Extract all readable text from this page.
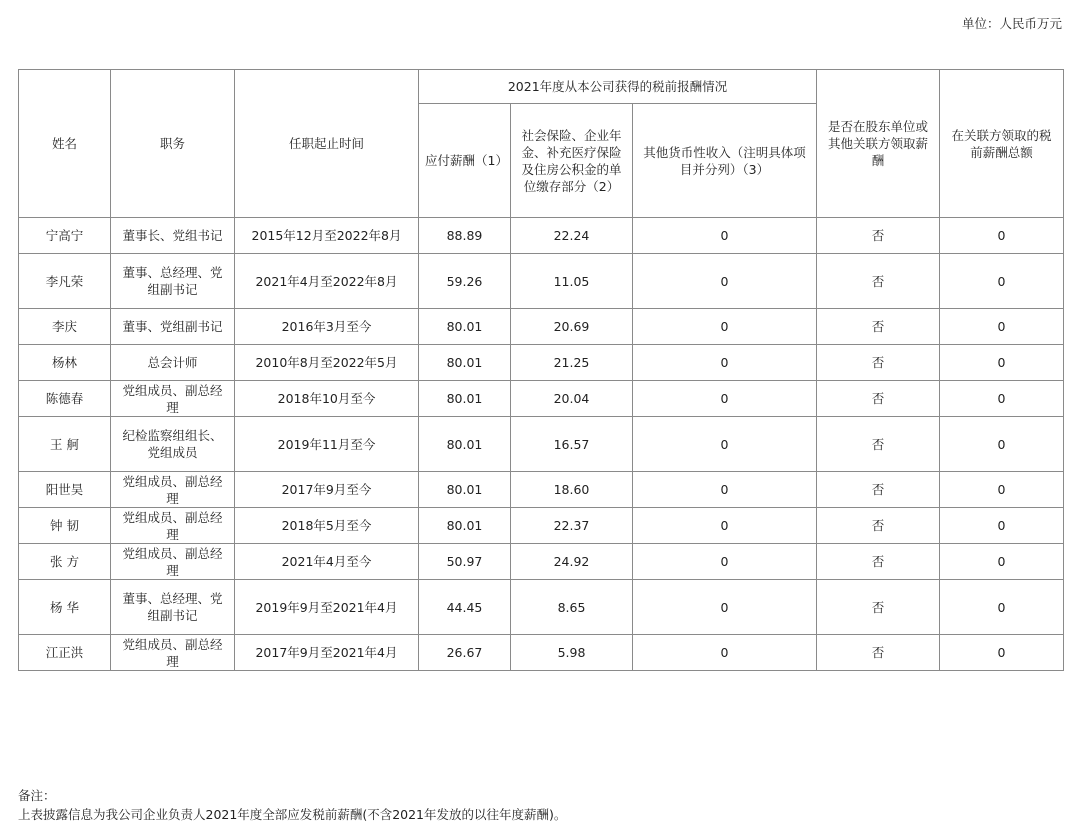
单位：人民币万元
姓名	职务	任职起止时间	2021年度从本公司获得的税前报酬情况			是否在股东单位或其他关联方领取薪酬	在关联方领取的税前薪酬总额
			应付薪酬（1）	社会保险、企业年金、补充医疗保险及住房公积金的单位缴存部分（2）	其他货币性收入（注明具体项目并分列）（3）		
宁高宁	董事长、党组书记	2015年12月至2022年8月	88.89	22.24	0	否	0
李凡荣	董事、总经理、党组副书记	2021年4月至2022年8月	59.26	11.05	0	否	0
李庆	董事、党组副书记	2016年3月至今	80.01	20.69	0	否	0
杨林	总会计师	2010年8月至2022年5月	80.01	21.25	0	否	0
陈德春	党组成员、副总经理	2018年10月至今	80.01	20.04	0	否	0
王 舸	纪检监察组组长、党组成员	2019年11月至今	80.01	16.57	0	否	0
阳世昊	党组成员、副总经理	2017年9月至今	80.01	18.60	0	否	0
钟 韧	党组成员、副总经理	2018年5月至今	80.01	22.37	0	否	0
张 方	党组成员、副总经理	2021年4月至今	50.97	24.92	0	否	0
杨 华	董事、总经理、党组副书记	2019年9月至2021年4月	44.45	8.65	0	否	0
江正洪	党组成员、副总经理	2017年9月至2021年4月	26.67	5.98	0	否	0
备注：
上表披露信息为我公司企业负责人2021年度全部应发税前薪酬(不含2021年发放的以往年度薪酬)。
